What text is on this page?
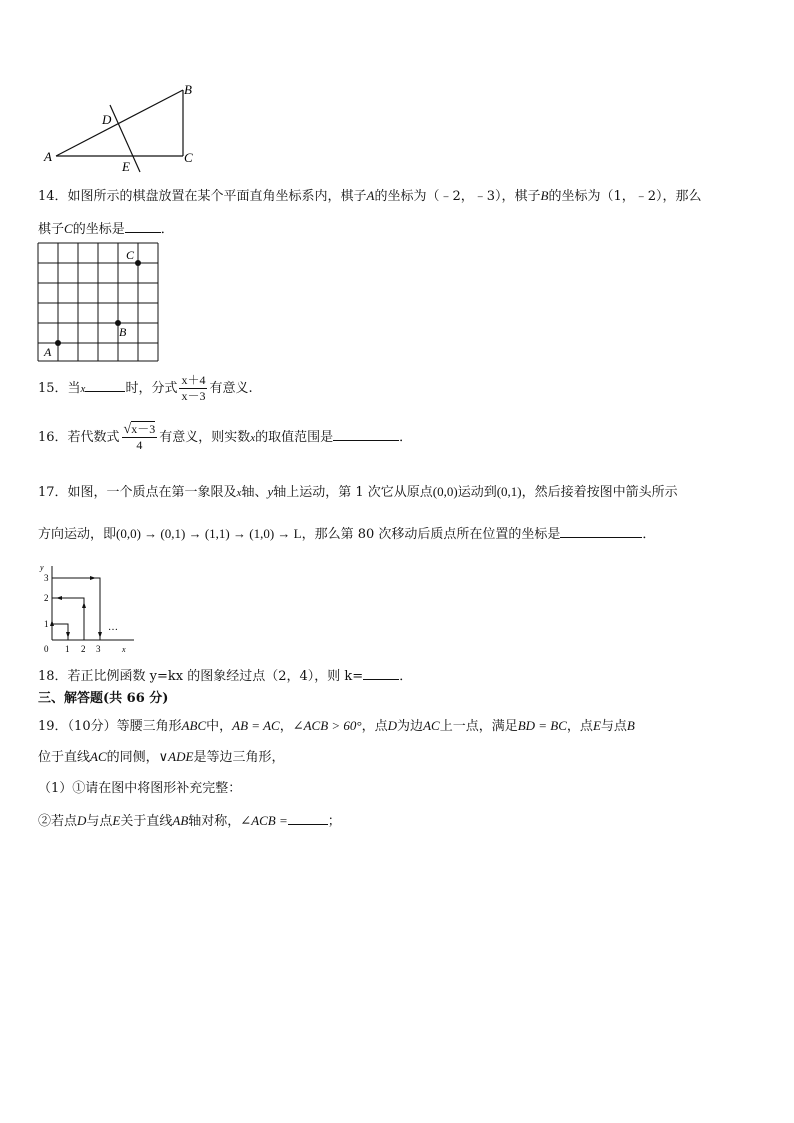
A
B
C
D
E
14．如图所示的棋盘放置在某个平面直角坐标系内，棋子A的坐标为（﹣2，﹣3），棋子B的坐标为（1，﹣2），那么
棋子C的坐标是	．
A
B
C
15．当x	时，分式 $\frac{x+4}{x-3}$ 有意义.
16．若代数式 $\frac{√x-3}{4}$ 有意义，则实数x的取值范围是	．
17．如图，一个质点在第一象限及x轴、y轴上运动，第 1 次它从原点(0,0)运动到(0,1)，然后接着按图中箭头所示
方向运动，即(0,0) → (0,1) → (1,1) → (1,0) → L，那么第 80 次移动后质点所在位置的坐标是	．
y
x
0 1 2 3
1
2
3
…
18．若正比例函数 y=kx 的图象经过点（2，4），则 k=	．
三、解答题(共 66 分)
19．（10分）等腰三角形ABC中，AB = AC，∠ACB > 60°，点D为边AC上一点，满足BD = BC，点E与点B
位于直线AC的同侧，∨ADE是等边三角形，
（1）①请在图中将图形补充完整：
②若点D与点E关于直线AB轴对称，∠ACB =	；
